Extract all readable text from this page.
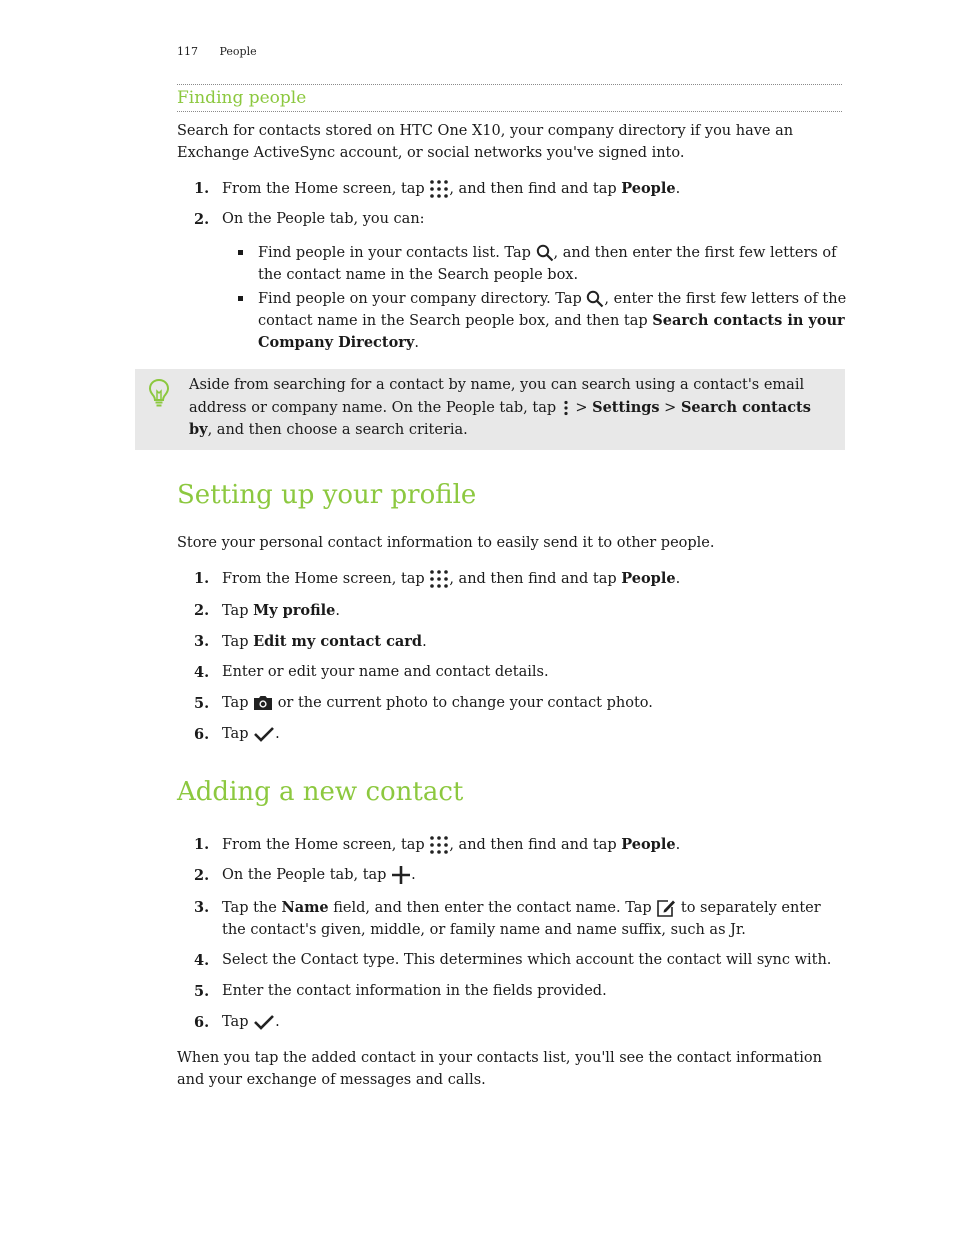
117 People
Finding people
Search for contacts stored on HTC One X10, your company directory if you have an Exchange ActiveSync account, or social networks you've signed into.
1. From the Home screen, tap , and then find and tap People.
2. On the People tab, you can:
Find people in your contacts list. Tap , and then enter the first few letters of the contact name in the Search people box.
Find people on your company directory. Tap , enter the first few letters of the contact name in the Search people box, and then tap Search contacts in your Company Directory.
Aside from searching for a contact by name, you can search using a contact's email address or company name. On the People tab, tap  > Settings > Search contacts by, and then choose a search criteria.
Setting up your profile
Store your personal contact information to easily send it to other people.
1. From the Home screen, tap , and then find and tap People.
2. Tap My profile.
3. Tap Edit my contact card.
4. Enter or edit your name and contact details.
5. Tap  or the current photo to change your contact photo.
6. Tap .
Adding a new contact
1. From the Home screen, tap , and then find and tap People.
2. On the People tab, tap .
3. Tap the Name field, and then enter the contact name. Tap  to separately enter the contact's given, middle, or family name and name suffix, such as Jr.
4. Select the Contact type. This determines which account the contact will sync with.
5. Enter the contact information in the fields provided.
6. Tap .
When you tap the added contact in your contacts list, you'll see the contact information and your exchange of messages and calls.
